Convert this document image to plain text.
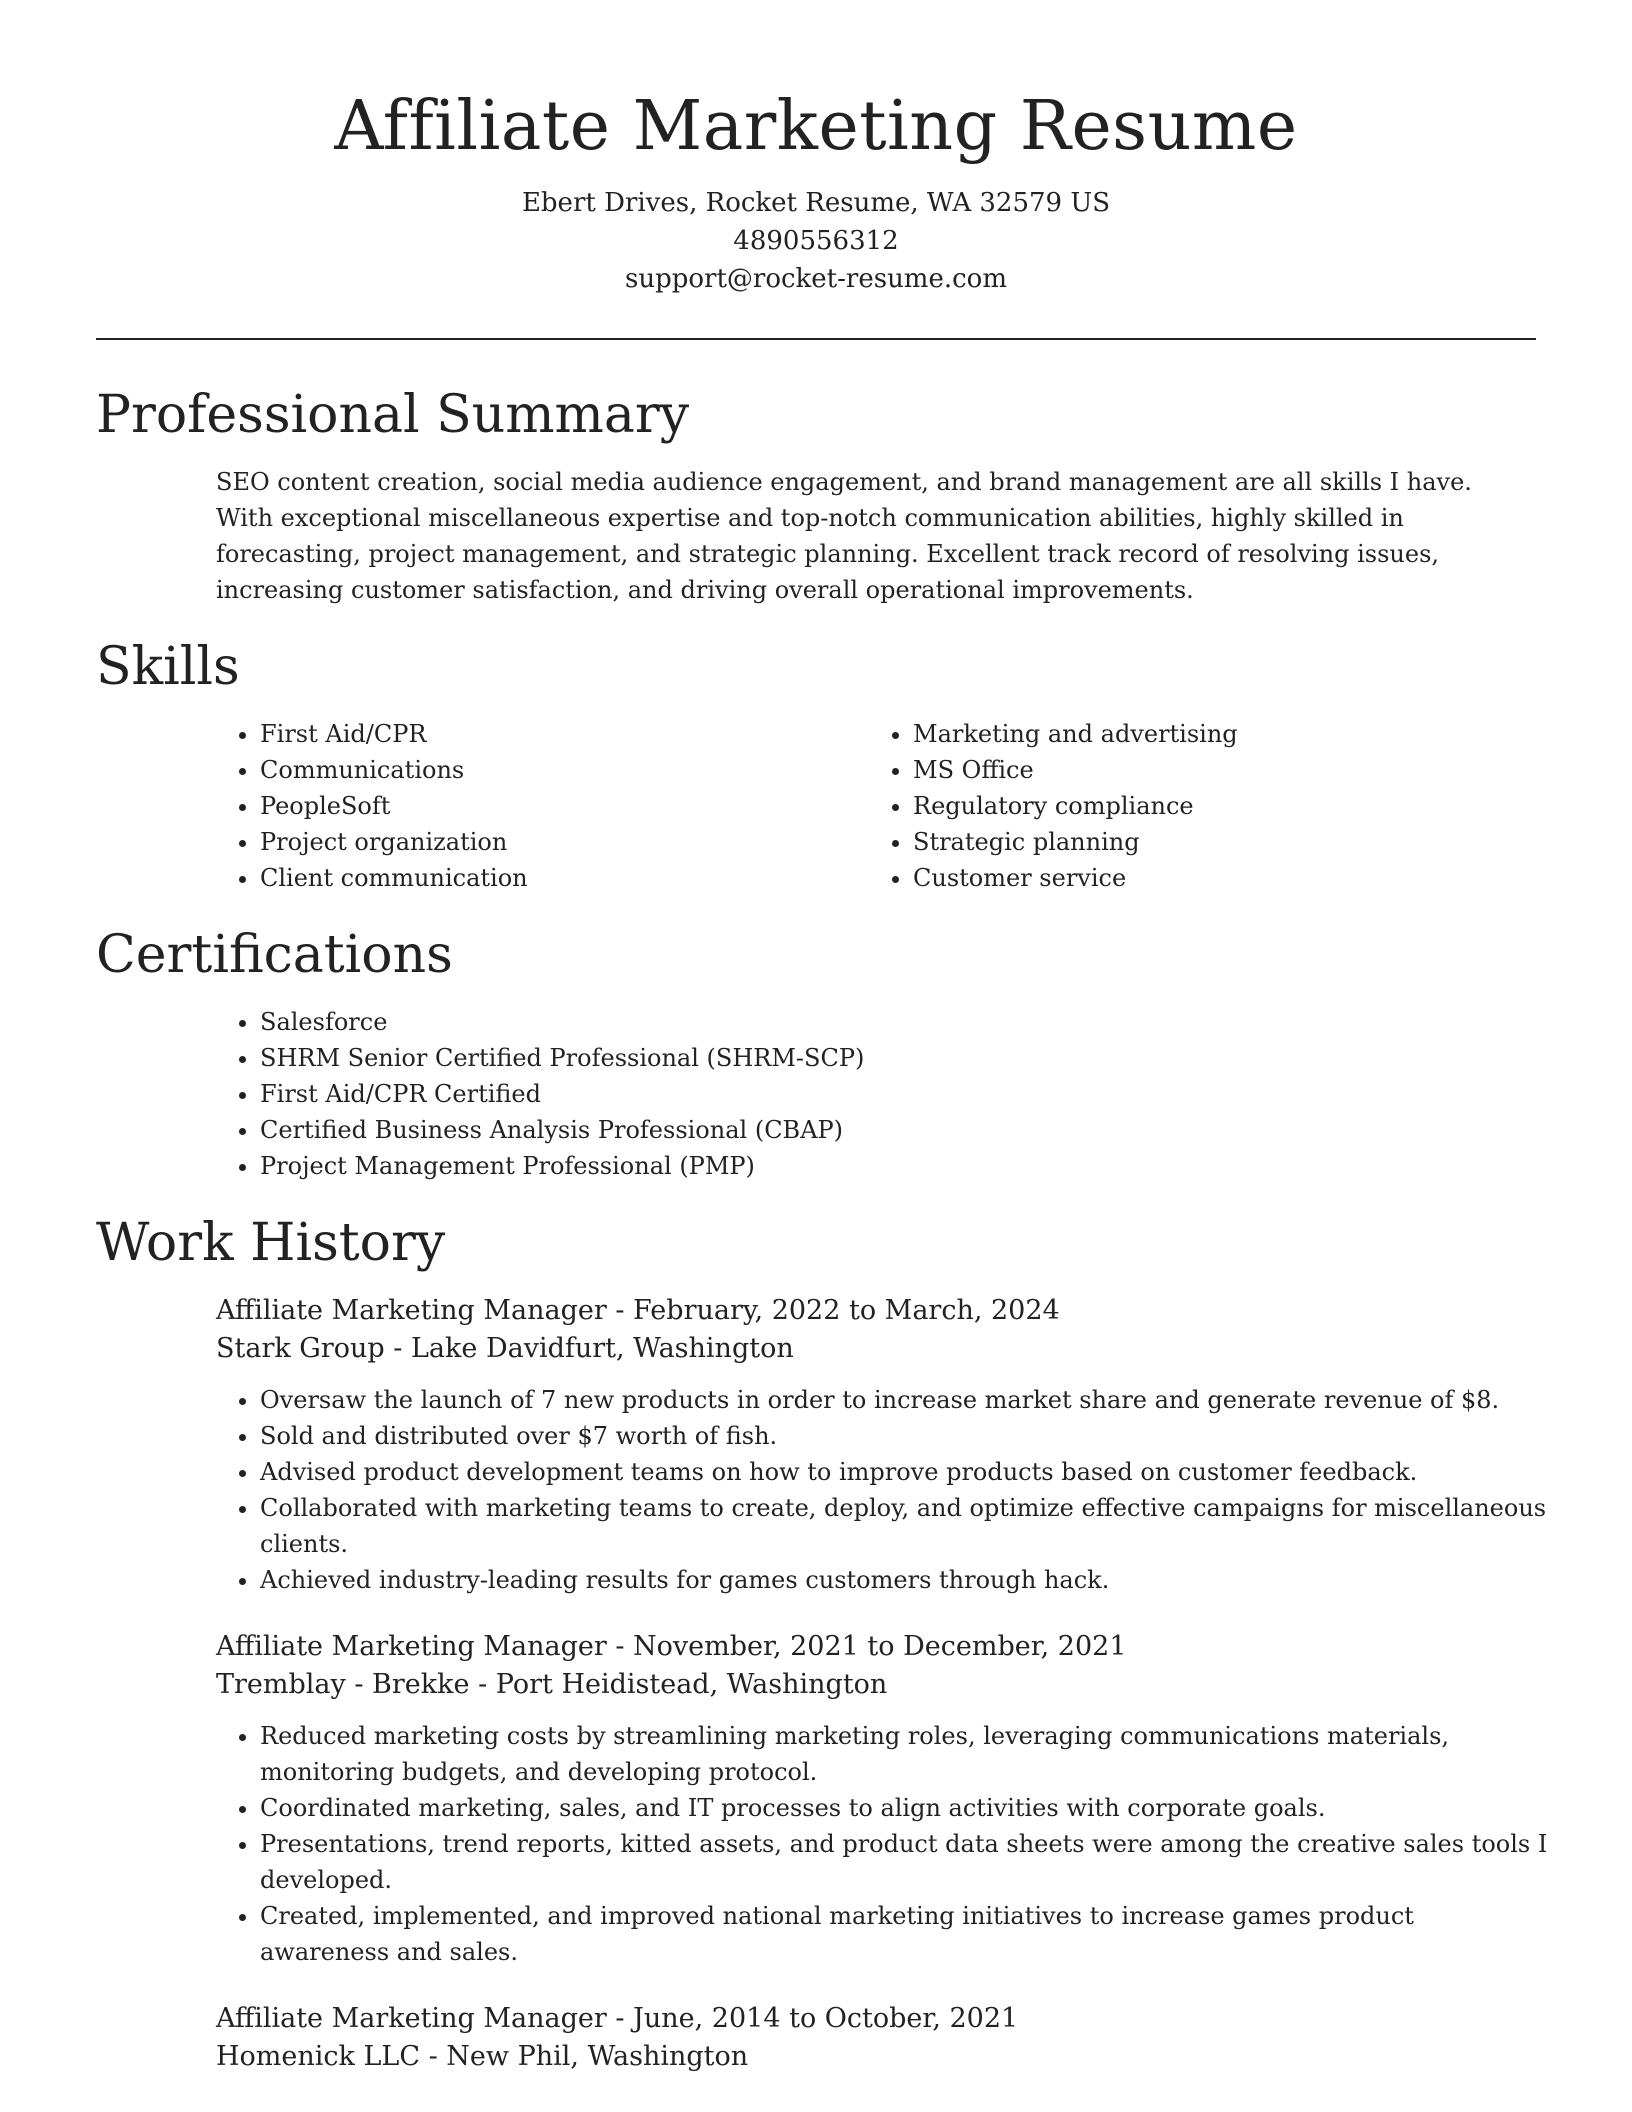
Affiliate Marketing Resume

Ebert Drives, Rocket Resume, WA 32579 US

4890556312

support@rocket-resume.com

Professional Summary

SEO content creation, social media audience engagement, and brand management are all skills I have. With exceptional miscellaneous expertise and top-notch communication abilities, highly skilled in forecasting, project management, and strategic planning. Excellent track record of resolving issues, increasing customer satisfaction, and driving overall operational improvements.

Skills
• First Aid/CPR
• Communications
• PeopleSoft
• Project organization
• Client communication
• Marketing and advertising
• MS Office
• Regulatory compliance
• Strategic planning
• Customer service
Certifications
• Salesforce
• SHRM Senior Certified Professional (SHRM-SCP)
• First Aid/CPR Certified
• Certified Business Analysis Professional (CBAP)
• Project Management Professional (PMP)
Work History
Affiliate Marketing Manager - February, 2022 to March, 2024
Stark Group - Lake Davidfurt, Washington
• Oversaw the launch of 7 new products in order to increase market share and generate revenue of $8.
• Sold and distributed over $7 worth of fish.
• Advised product development teams on how to improve products based on customer feedback.
• Collaborated with marketing teams to create, deploy, and optimize effective campaigns for miscellaneous clients.
• Achieved industry-leading results for games customers through hack.
Affiliate Marketing Manager - November, 2021 to December, 2021
Tremblay - Brekke - Port Heidistead, Washington
• Reduced marketing costs by streamlining marketing roles, leveraging communications materials, monitoring budgets, and developing protocol.
• Coordinated marketing, sales, and IT processes to align activities with corporate goals.
• Presentations, trend reports, kitted assets, and product data sheets were among the creative sales tools I developed.
• Created, implemented, and improved national marketing initiatives to increase games product awareness and sales.
Affiliate Marketing Manager - June, 2014 to October, 2021
Homenick LLC - New Phil, Washington
